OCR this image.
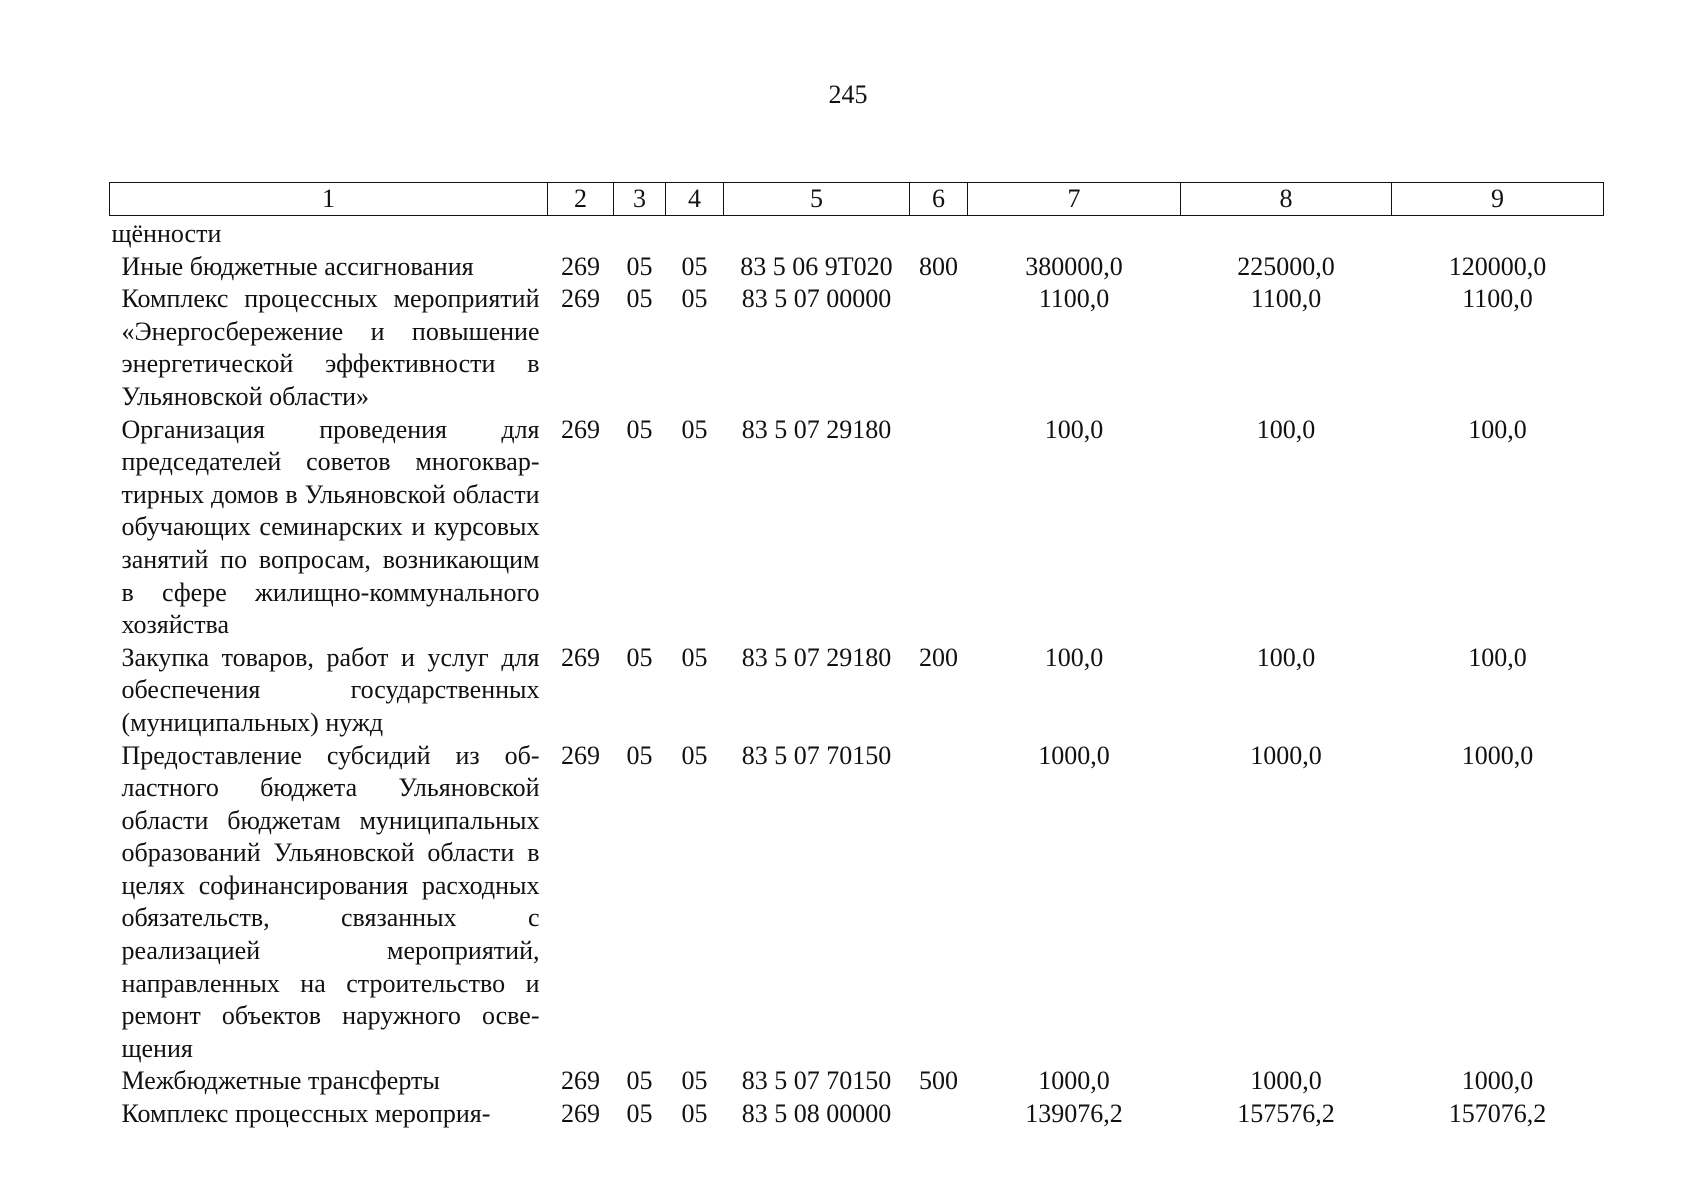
245
1	2	3	4	5	6	7	8	9
щённости								
Иные бюджетные ассигнования	269	05	05	83 5 06 9Т020	800	380000,0	225000,0	120000,0
Комплекс процессных мероприятий «Энергосбережение и повышение энергетической эффективности в Ульяновской области»	269	05	05	83 5 07 00000		1100,0	1100,0	1100,0
Организация проведения для председателей советов многоквартирных домов в Ульяновской области обучающих семинарских и курсовых занятий по вопросам, возникающим в сфере жилищно-коммунального хозяйства	269	05	05	83 5 07 29180		100,0	100,0	100,0
Закупка товаров, работ и услуг для обеспечения государственных (муниципальных) нужд	269	05	05	83 5 07 29180	200	100,0	100,0	100,0
Предоставление субсидий из областного бюджета Ульяновской области бюджетам муниципальных образований Ульяновской области в целях софинансирования расходных обязательств, связанных с реализацией мероприятий, направленных на строительство и ремонт объектов наружного освещения	269	05	05	83 5 07 70150		1000,0	1000,0	1000,0
Межбюджетные трансферты	269	05	05	83 5 07 70150	500	1000,0	1000,0	1000,0
Комплекс процессных мероприя-	269	05	05	83 5 08 00000		139076,2	157576,2	157076,2
